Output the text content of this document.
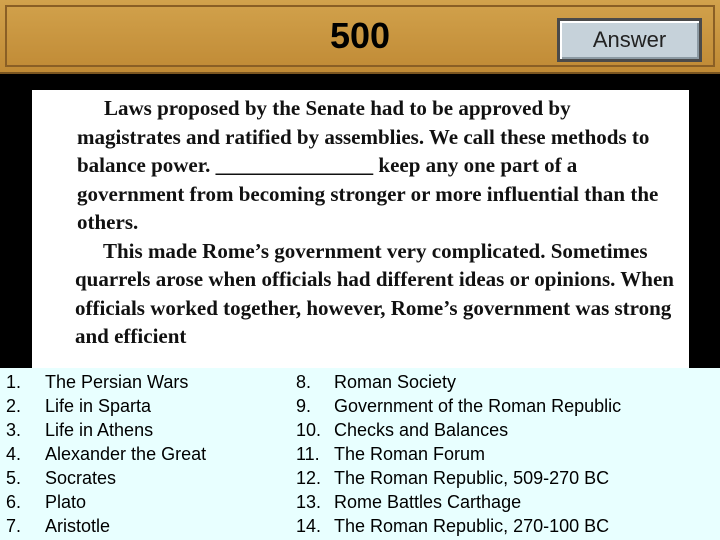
500	Answer

Laws proposed by the Senate had to be approved by magistrates and ratified by assemblies. We call these methods to balance power. _______________ keep any one part of a government from becoming stronger or more influential than the others.

This made Rome’s government very complicated. Sometimes quarrels arose when officials had different ideas or opinions. When officials worked together, however, Rome’s government was strong and efficient

1.	The Persian Wars
2.	Life in Sparta
3.	Life in Athens
4.	Alexander the Great
5.	Socrates
6.	Plato
7.	Aristotle
8.	Roman Society
9.	Government of the Roman Republic
10. Checks and Balances
11. The Roman Forum
12. The Roman Republic, 509-270 BC
13. Rome Battles Carthage
14. The Roman Republic, 270-100 BC
